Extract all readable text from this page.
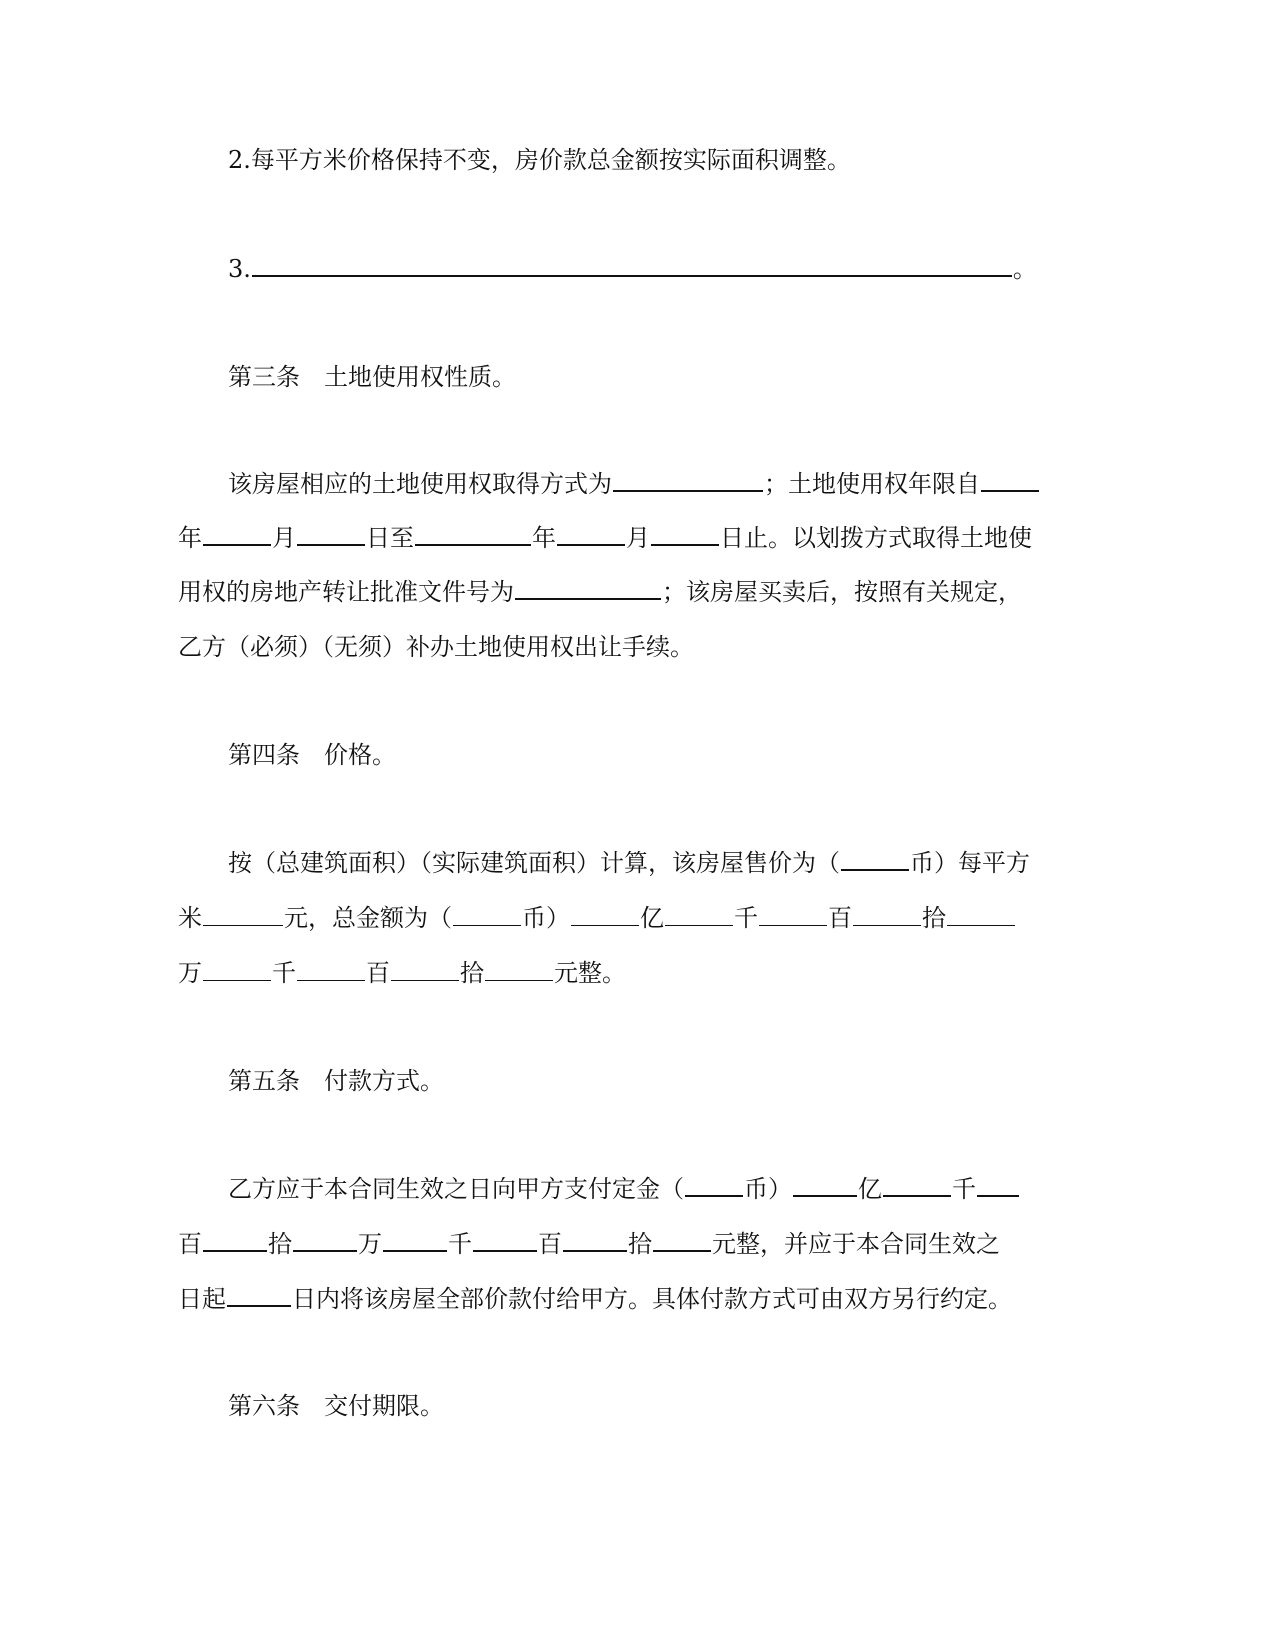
2.每平方米价格保持不变，房价款总金额按实际面积调整。
3.	。
第三条　土地使用权性质。
该房屋相应的土地使用权取得方式为	；土地使用权年限自
年	月	日至	年	月	日止。以划拨方式取得土地使
用权的房地产转让批准文件号为	；该房屋买卖后，按照有关规定，
乙方（必须）（无须）补办土地使用权出让手续。
第四条　价格。
按（总建筑面积）（实际建筑面积）计算，该房屋售价为（	币）每平方
米	元，总金额为（	币）	亿	千	百	拾
万	千	百	拾	元整。
第五条　付款方式。
乙方应于本合同生效之日向甲方支付定金（	币）	亿	千
百	拾	万	千	百	拾	元整，并应于本合同生效之
日起	日内将该房屋全部价款付给甲方。具体付款方式可由双方另行约定。
第六条　交付期限。
